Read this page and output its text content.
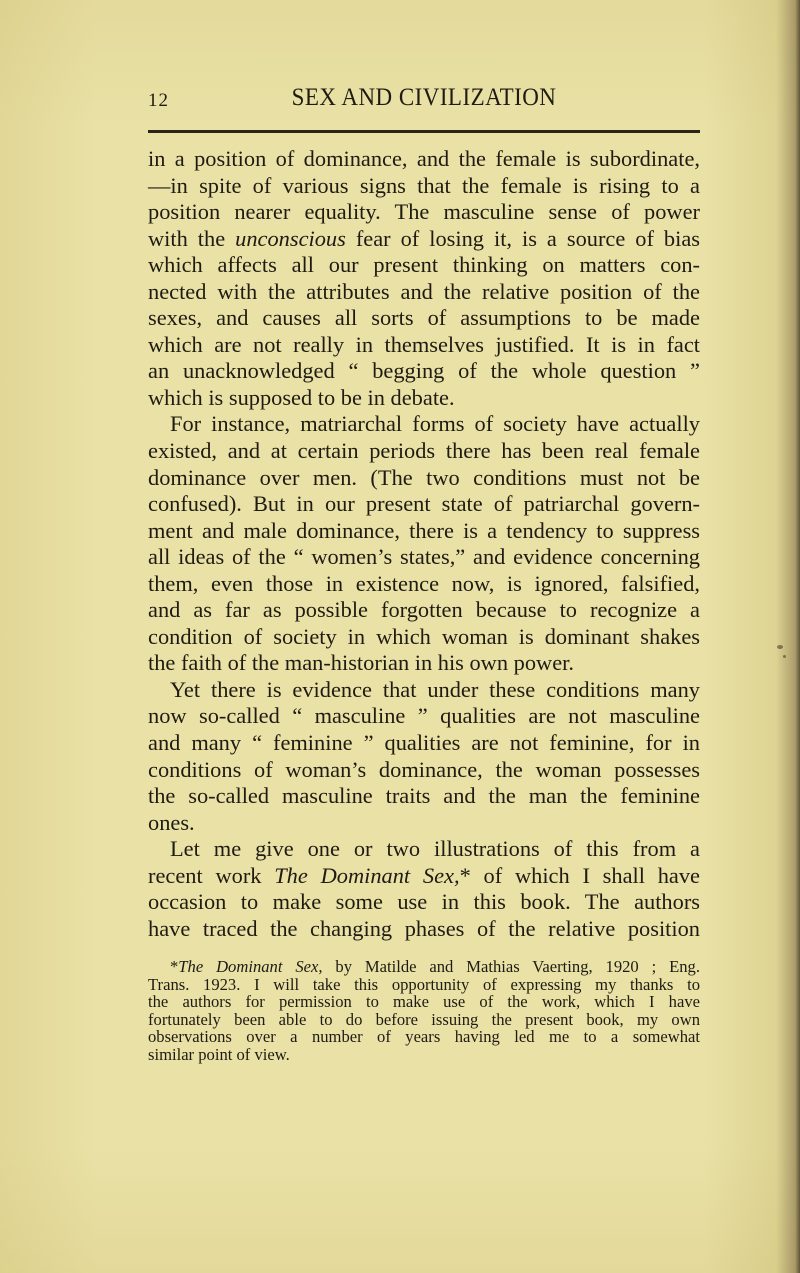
12	SEX AND CIVILIZATION
in a position of dominance, and the female is subordinate,
—in spite of various signs that the female is rising to a
position nearer equality. The masculine sense of power
with the unconscious fear of losing it, is a source of bias
which affects all our present thinking on matters con-
nected with the attributes and the relative position of the
sexes, and causes all sorts of assumptions to be made
which are not really in themselves justified. It is in fact
an unacknowledged “ begging of the whole question ”
which is supposed to be in debate.
For instance, matriarchal forms of society have actually
existed, and at certain periods there has been real female
dominance over men. (The two conditions must not be
confused). But in our present state of patriarchal govern-
ment and male dominance, there is a tendency to suppress
all ideas of the “ women’s states,” and evidence concerning
them, even those in existence now, is ignored, falsified,
and as far as possible forgotten because to recognize a
condition of society in which woman is dominant shakes
the faith of the man-historian in his own power.
Yet there is evidence that under these conditions many
now so-called “ masculine ” qualities are not masculine
and many “ feminine ” qualities are not feminine, for in
conditions of woman’s dominance, the woman possesses
the so-called masculine traits and the man the feminine
ones.
Let me give one or two illustrations of this from a
recent work The Dominant Sex,* of which I shall have
occasion to make some use in this book. The authors
have traced the changing phases of the relative position
*The Dominant Sex, by Matilde and Mathias Vaerting, 1920 ; Eng.
Trans. 1923. I will take this opportunity of expressing my thanks to
the authors for permission to make use of the work, which I have
fortunately been able to do before issuing the present book, my own
observations over a number of years having led me to a somewhat
similar point of view.
